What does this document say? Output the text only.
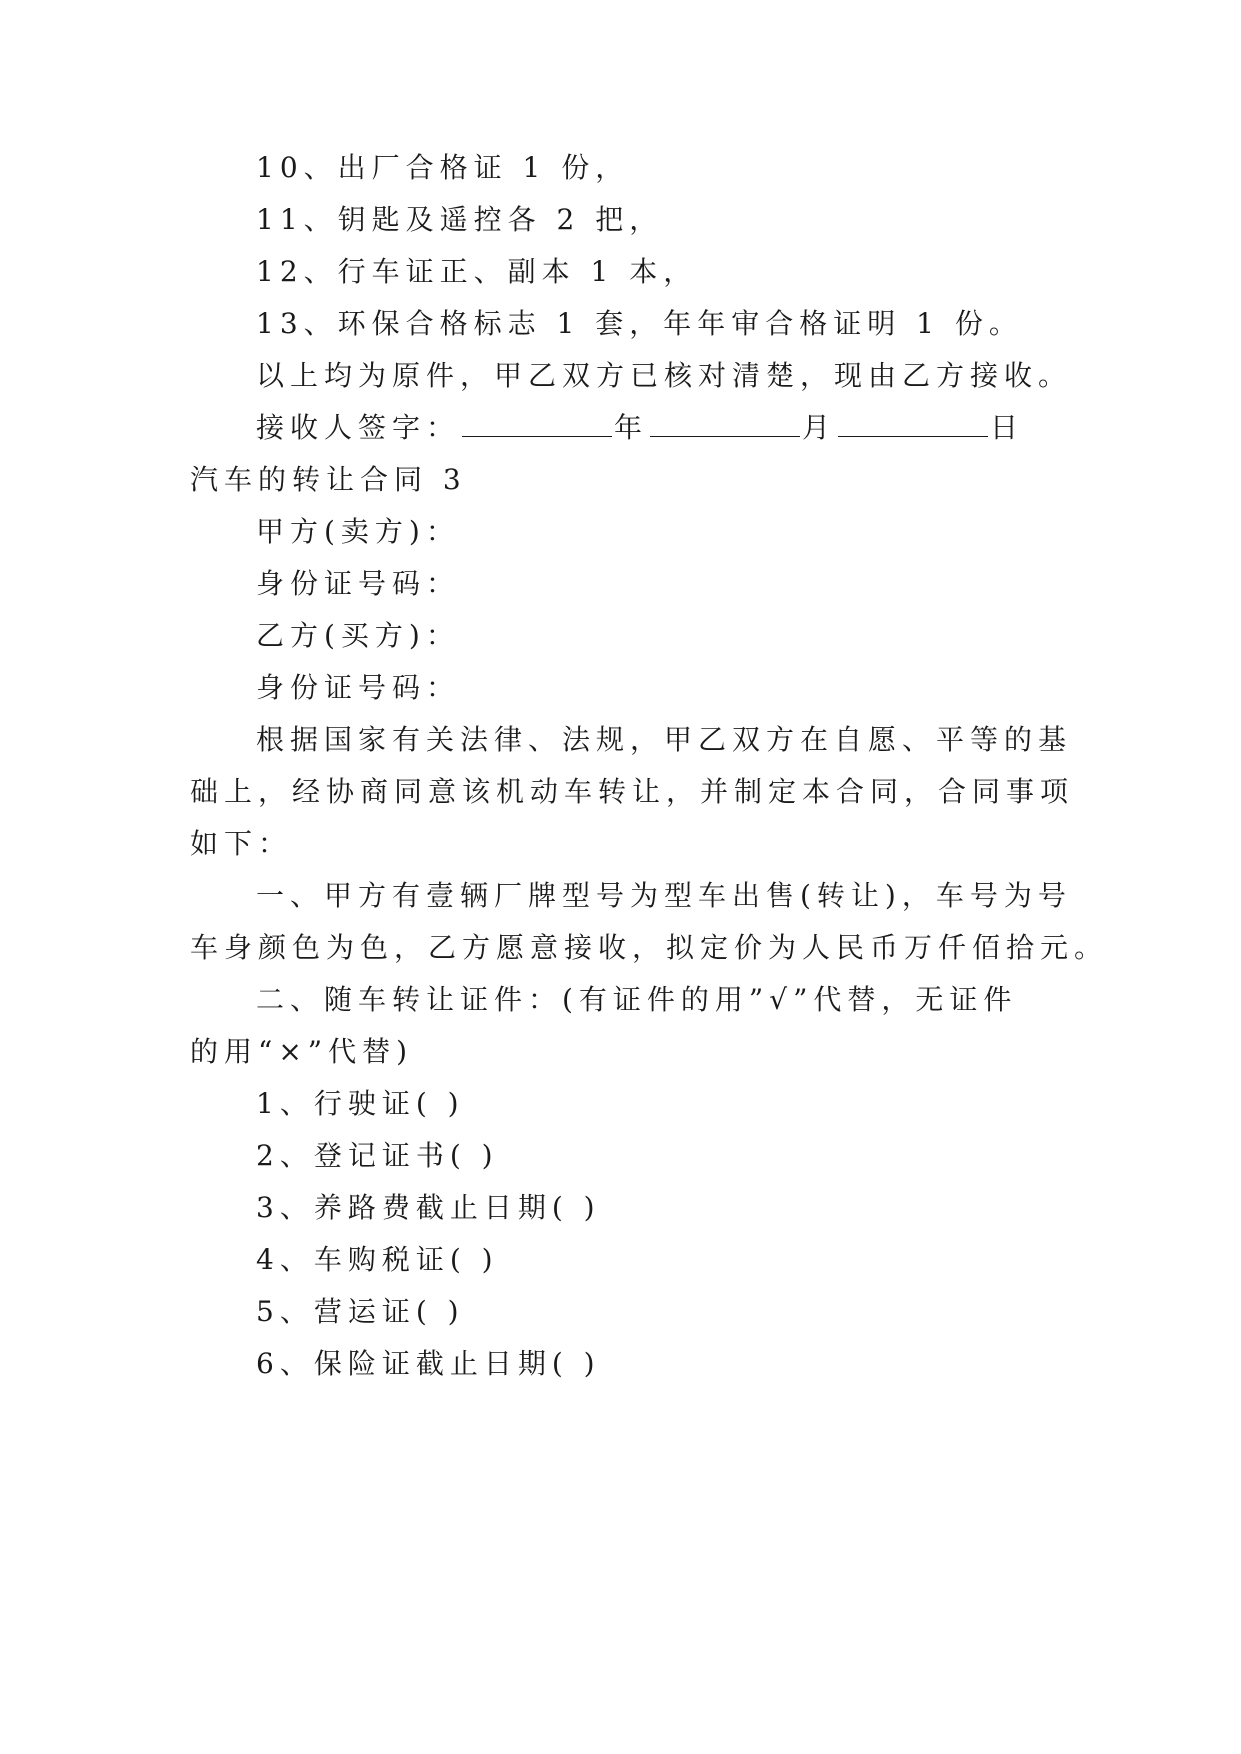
10、出厂合格证 1 份，
11、钥匙及遥控各 2 把，
12、行车证正、副本 1 本，
13、环保合格标志 1 套，年年审合格证明 1 份。
以上均为原件，甲乙双方已核对清楚，现由乙方接收。
接收人签字：	年	月	日
汽车的转让合同 3
甲方(卖方)：
身份证号码：
乙方(买方)：
身份证号码：
根据国家有关法律、法规，甲乙双方在自愿、平等的基
础上，经协商同意该机动车转让，并制定本合同，合同事项
如下：
一、甲方有壹辆厂牌型号为型车出售(转让)，车号为号
车身颜色为色，乙方愿意接收，拟定价为人民币万仟佰拾元。
二、随车转让证件：(有证件的用”√”代替，无证件
的用“×”代替)
1、行驶证( )
2、登记证书( )
3、养路费截止日期( )
4、车购税证( )
5、营运证( )
6、保险证截止日期( )
